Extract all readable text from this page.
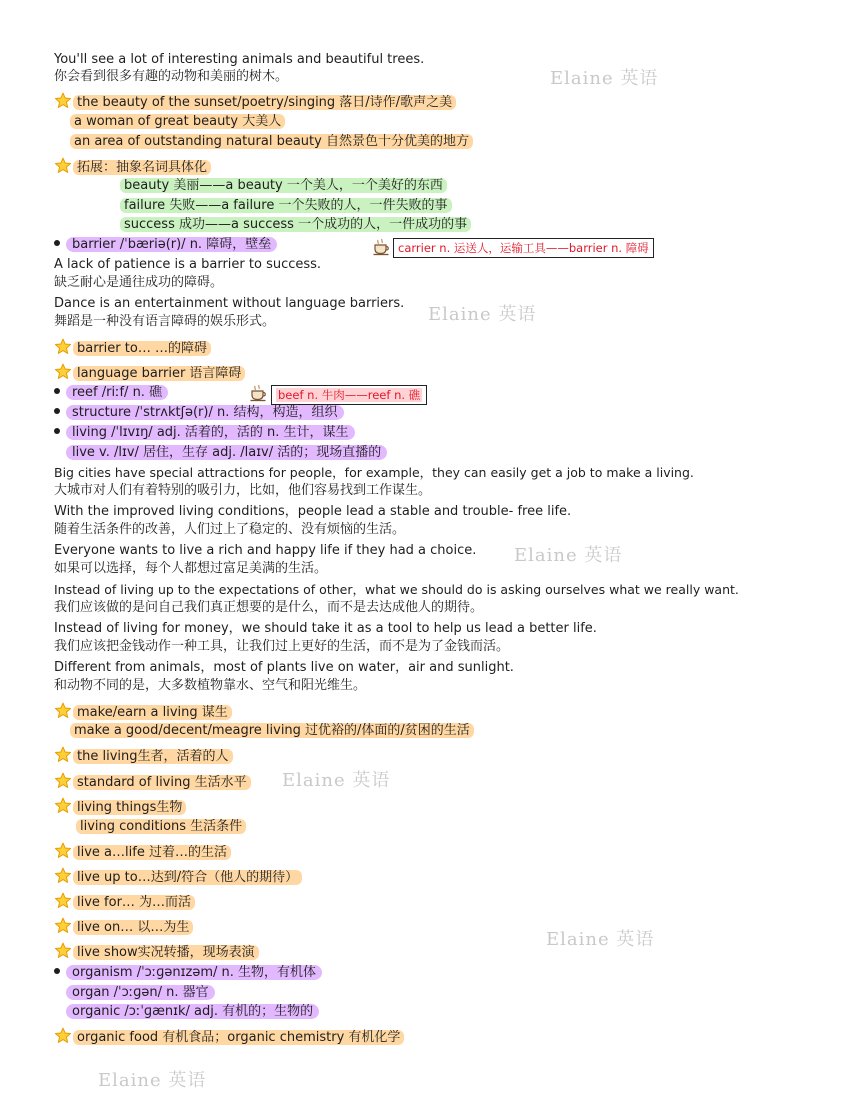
Elaine 英语
Elaine 英语
Elaine 英语
Elaine 英语
Elaine 英语
Elaine 英语
You'll see a lot of interesting animals and beautiful trees.
你会看到很多有趣的动物和美丽的树木。
the beauty of the sunset/poetry/singing 落日/诗作/歌声之美
a woman of great beauty 大美人
an area of outstanding natural beauty 自然景色十分优美的地方
拓展：抽象名词具体化
beauty 美丽——a beauty 一个美人，一个美好的东西
failure 失败——a failure 一个失败的人，一件失败的事
success 成功——a success 一个成功的人，一件成功的事
barrier /ˈbæriə(r)/ n. 障碍，壁垒	carrier n. 运送人，运输工具——barrier n. 障碍
A lack of patience is a barrier to success.
缺乏耐心是通往成功的障碍。
Dance is an entertainment without language barriers.
舞蹈是一种没有语言障碍的娱乐形式。
barrier to… …的障碍
language barrier 语言障碍
reef /riːf/ n. 礁	beef n. 牛肉——reef n. 礁
structure /ˈstrʌktʃə(r)/ n. 结构，构造，组织
living /ˈlɪvɪŋ/ adj. 活着的，活的 n. 生计，谋生
live v. /lɪv/ 居住，生存 adj. /laɪv/ 活的；现场直播的
Big cities have special attractions for people，for example，they can easily get a job to make a living.
大城市对人们有着特别的吸引力，比如，他们容易找到工作谋生。
With the improved living conditions，people lead a stable and trouble- free life.
随着生活条件的改善，人们过上了稳定的、没有烦恼的生活。
Everyone wants to live a rich and happy life if they had a choice.
如果可以选择，每个人都想过富足美满的生活。
Instead of living up to the expectations of other，what we should do is asking ourselves what we really want.
我们应该做的是问自己我们真正想要的是什么，而不是去达成他人的期待。
Instead of living for money，we should take it as a tool to help us lead a better life.
我们应该把金钱动作一种工具，让我们过上更好的生活，而不是为了金钱而活。
Different from animals，most of plants live on water，air and sunlight.
和动物不同的是，大多数植物靠水、空气和阳光维生。
make/earn a living 谋生
make a good/decent/meagre living 过优裕的/体面的/贫困的生活
the living生者，活着的人
standard of living 生活水平
living things生物
living conditions 生活条件
live a…life 过着…的生活
live up to…达到/符合（他人的期待）
live for… 为…而活
live on… 以…为生
live show实况转播，现场表演
organism /ˈɔːɡənɪzəm/ n. 生物，有机体
organ /ˈɔːɡən/ n. 器官
organic /ɔːˈɡænɪk/ adj. 有机的；生物的
organic food 有机食品；organic chemistry 有机化学
